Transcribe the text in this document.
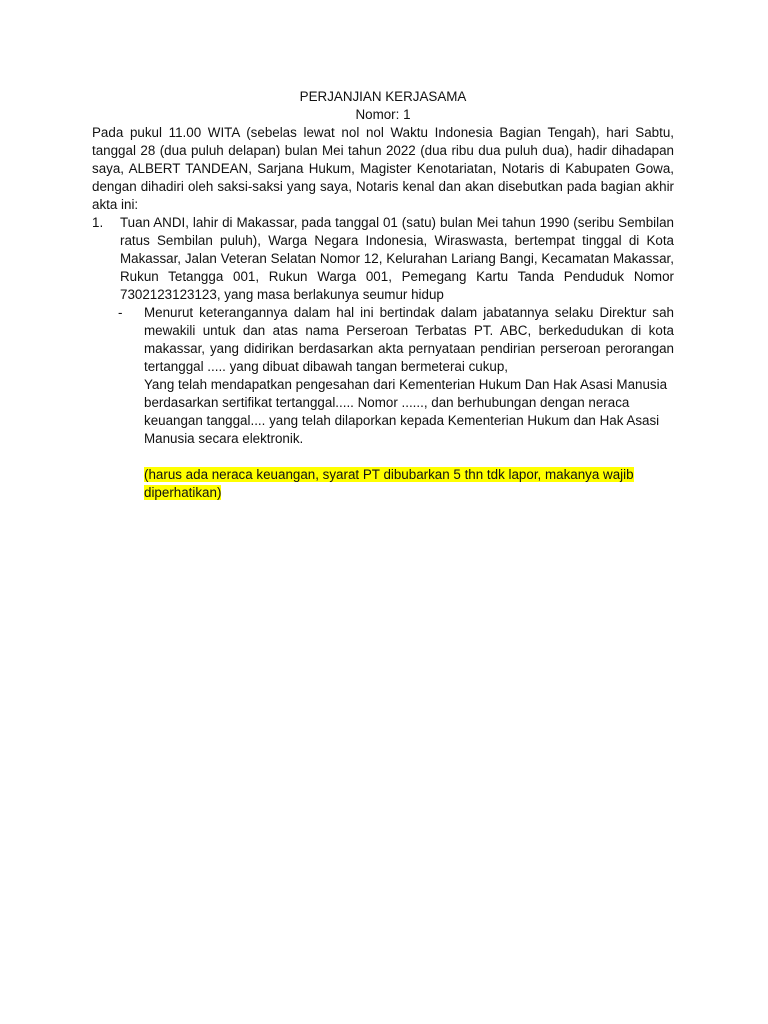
PERJANJIAN KERJASAMA
Nomor: 1
Pada pukul 11.00 WITA (sebelas lewat nol nol Waktu Indonesia Bagian Tengah), hari Sabtu, tanggal 28 (dua puluh delapan) bulan Mei tahun 2022 (dua ribu dua puluh dua), hadir dihadapan saya, ALBERT TANDEAN, Sarjana Hukum, Magister Kenotariatan, Notaris di Kabupaten Gowa, dengan dihadiri oleh saksi-saksi yang saya, Notaris kenal dan akan disebutkan pada bagian akhir akta ini:
1. Tuan ANDI, lahir di Makassar, pada tanggal 01 (satu) bulan Mei tahun 1990 (seribu Sembilan ratus Sembilan puluh), Warga Negara Indonesia, Wiraswasta, bertempat tinggal di Kota Makassar, Jalan Veteran Selatan Nomor 12, Kelurahan Lariang Bangi, Kecamatan Makassar, Rukun Tetangga 001, Rukun Warga 001, Pemegang Kartu Tanda Penduduk Nomor 7302123123123, yang masa berlakunya seumur hidup
- Menurut keterangannya dalam hal ini bertindak dalam jabatannya selaku Direktur sah mewakili untuk dan atas nama Perseroan Terbatas PT. ABC, berkedudukan di kota makassar, yang didirikan berdasarkan akta pernyataan pendirian perseroan perorangan tertanggal ..... yang dibuat dibawah tangan bermeterai cukup,
Yang telah mendapatkan pengesahan dari Kementerian Hukum Dan Hak Asasi Manusia berdasarkan sertifikat tertanggal..... Nomor ......, dan berhubungan dengan neraca keuangan tanggal.... yang telah dilaporkan kepada Kementerian Hukum dan Hak Asasi Manusia secara elektronik.
(harus ada neraca keuangan, syarat PT dibubarkan 5 thn tdk lapor, makanya wajib diperhatikan)
